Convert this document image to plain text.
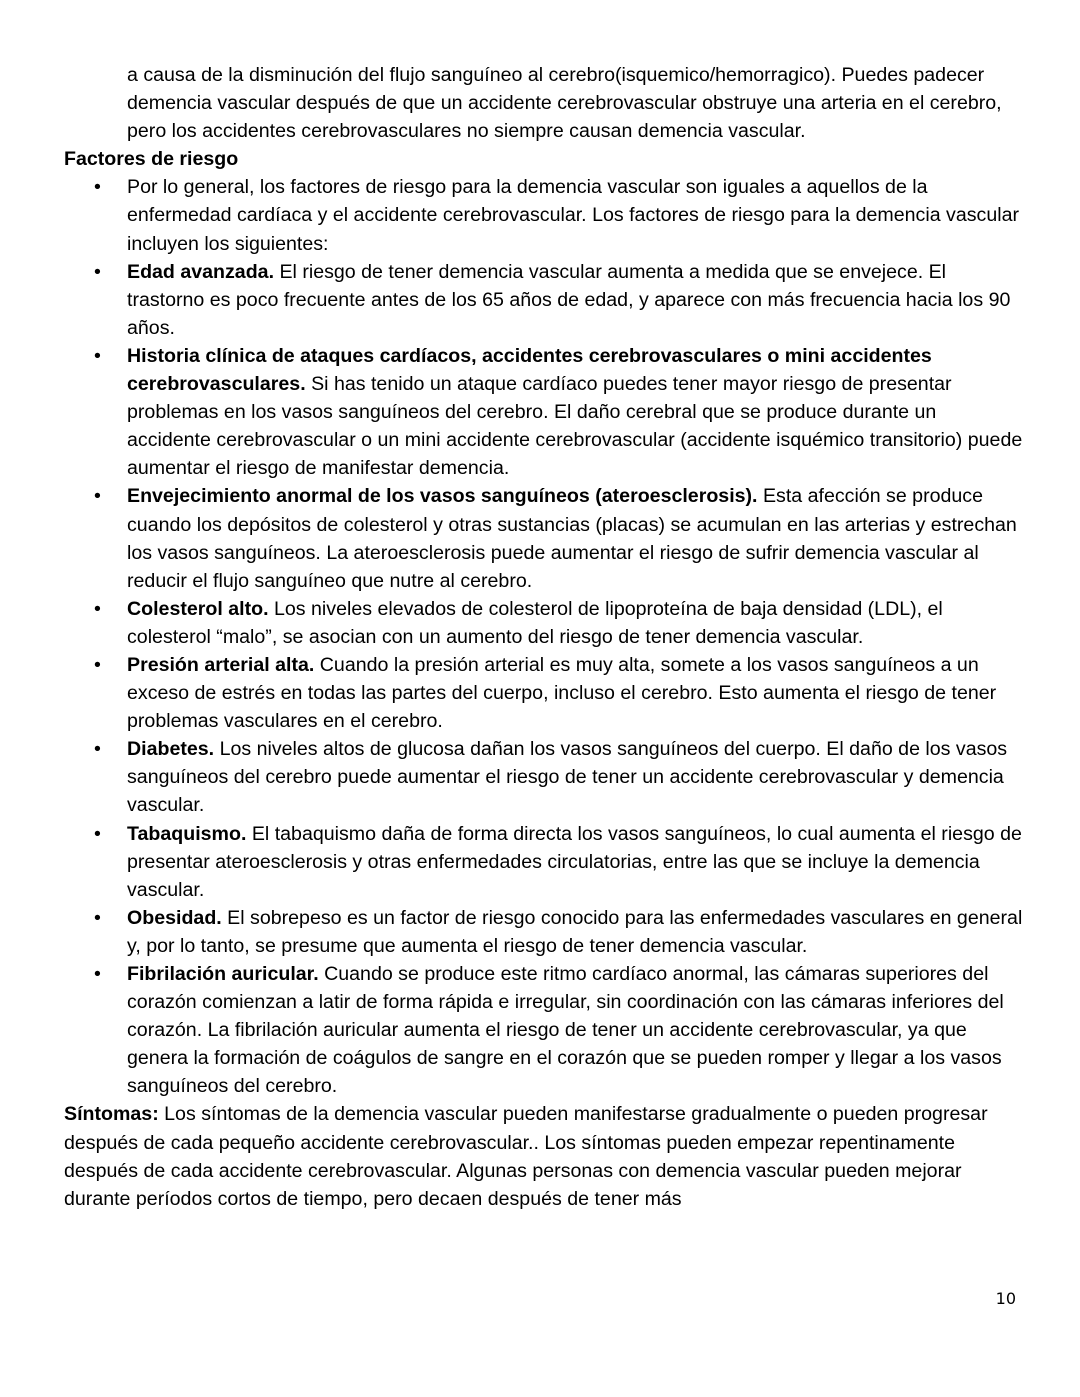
a causa de la disminución del flujo sanguíneo al cerebro(isquemico/hemorragico). Puedes padecer demencia vascular después de que un accidente cerebrovascular obstruye una arteria en el cerebro, pero los accidentes cerebrovasculares no siempre causan demencia vascular.

Factores de riesgo

• Por lo general, los factores de riesgo para la demencia vascular son iguales a aquellos de la enfermedad cardíaca y el accidente cerebrovascular. Los factores de riesgo para la demencia vascular incluyen los siguientes:
• Edad avanzada. El riesgo de tener demencia vascular aumenta a medida que se envejece. El trastorno es poco frecuente antes de los 65 años de edad, y aparece con más frecuencia hacia los 90 años.
• Historia clínica de ataques cardíacos, accidentes cerebrovasculares o mini accidentes cerebrovasculares. Si has tenido un ataque cardíaco puedes tener mayor riesgo de presentar problemas en los vasos sanguíneos del cerebro. El daño cerebral que se produce durante un accidente cerebrovascular o un mini accidente cerebrovascular (accidente isquémico transitorio) puede aumentar el riesgo de manifestar demencia.
• Envejecimiento anormal de los vasos sanguíneos (ateroesclerosis). Esta afección se produce cuando los depósitos de colesterol y otras sustancias (placas) se acumulan en las arterias y estrechan los vasos sanguíneos. La ateroesclerosis puede aumentar el riesgo de sufrir demencia vascular al reducir el flujo sanguíneo que nutre al cerebro.
• Colesterol alto. Los niveles elevados de colesterol de lipoproteína de baja densidad (LDL), el colesterol “malo”, se asocian con un aumento del riesgo de tener demencia vascular.
• Presión arterial alta. Cuando la presión arterial es muy alta, somete a los vasos sanguíneos a un exceso de estrés en todas las partes del cuerpo, incluso el cerebro. Esto aumenta el riesgo de tener problemas vasculares en el cerebro.
• Diabetes. Los niveles altos de glucosa dañan los vasos sanguíneos del cuerpo. El daño de los vasos sanguíneos del cerebro puede aumentar el riesgo de tener un accidente cerebrovascular y demencia vascular.
• Tabaquismo. El tabaquismo daña de forma directa los vasos sanguíneos, lo cual aumenta el riesgo de presentar ateroesclerosis y otras enfermedades circulatorias, entre las que se incluye la demencia vascular.
• Obesidad. El sobrepeso es un factor de riesgo conocido para las enfermedades vasculares en general y, por lo tanto, se presume que aumenta el riesgo de tener demencia vascular.
• Fibrilación auricular. Cuando se produce este ritmo cardíaco anormal, las cámaras superiores del corazón comienzan a latir de forma rápida e irregular, sin coordinación con las cámaras inferiores del corazón. La fibrilación auricular aumenta el riesgo de tener un accidente cerebrovascular, ya que genera la formación de coágulos de sangre en el corazón que se pueden romper y llegar a los vasos sanguíneos del cerebro.

Síntomas: Los síntomas de la demencia vascular pueden manifestarse gradualmente o pueden progresar después de cada pequeño accidente cerebrovascular.. Los síntomas pueden empezar repentinamente después de cada accidente cerebrovascular. Algunas personas con demencia vascular pueden mejorar durante períodos cortos de tiempo, pero decaen después de tener más

10
